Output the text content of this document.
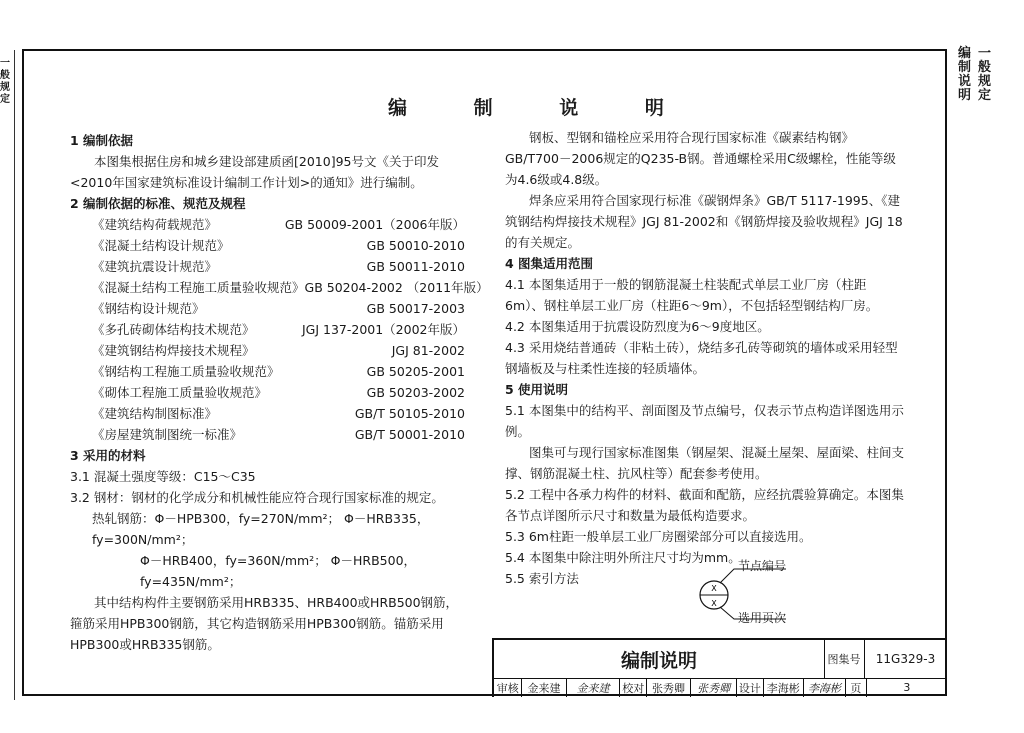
一般规定
编制说明
一般规定
编 制 说 明
1 编制依据
本图集根据住房和城乡建设部建质函[2010]95号文《关于印发<2010年国家建筑标准设计编制工作计划>的通知》进行编制。
2 编制依据的标准、规范及规程
《建筑结构荷载规范》	GB 50009-2001（2006年版）
《混凝土结构设计规范》	GB 50010-2010
《建筑抗震设计规范》	GB 50011-2010
《混凝土结构工程施工质量验收规范》 GB 50204-2002 （2011年版）
《钢结构设计规范》	GB 50017-2003
《多孔砖砌体结构技术规范》	JGJ 137-2001（2002年版）
《建筑钢结构焊接技术规程》	JGJ 81-2002
《钢结构工程施工质量验收规范》	GB 50205-2001
《砌体工程施工质量验收规范》	GB 50203-2002
《建筑结构制图标准》	GB/T 50105-2010
《房屋建筑制图统一标准》	GB/T 50001-2010
3 采用的材料
3.1 混凝土强度等级：C15～C35
3.2 钢材：钢材的化学成分和机械性能应符合现行国家标准的规定。
热轧钢筋：Φ－HPB300，fy=270N/mm²； Φ－HRB335，fy=300N/mm²；
Φ－HRB400，fy=360N/mm²； Φ－HRB500，fy=435N/mm²；
其中结构构件主要钢筋采用HRB335、HRB400或HRB500钢筋，箍筋采用HPB300钢筋，其它构造钢筋采用HPB300钢筋。锚筋采用HPB300或HRB335钢筋。
钢板、型钢和锚栓应采用符合现行国家标准《碳素结构钢》GB/T700－2006规定的Q235-B钢。普通螺栓采用C级螺栓，性能等级为4.6级或4.8级。
焊条应采用符合国家现行标准《碳钢焊条》GB/T 5117-1995、《建筑钢结构焊接技术规程》JGJ 81-2002和《钢筋焊接及验收规程》JGJ 18的有关规定。
4 图集适用范围
4.1 本图集适用于一般的钢筋混凝土柱装配式单层工业厂房（柱距6m）、钢柱单层工业厂房（柱距6～9m），不包括轻型钢结构厂房。
4.2 本图集适用于抗震设防烈度为6～9度地区。
4.3 采用烧结普通砖（非粘土砖），烧结多孔砖等砌筑的墙体或采用轻型钢墙板及与柱柔性连接的轻质墙体。
5 使用说明
5.1 本图集中的结构平、剖面图及节点编号，仅表示节点构造详图选用示例。
图集可与现行国家标准图集（钢屋架、混凝土屋架、屋面梁、柱间支撑、钢筋混凝土柱、抗风柱等）配套参考使用。
5.2 工程中各承力构件的材料、截面和配筋，应经抗震验算确定。本图集各节点详图所示尺寸和数量为最低构造要求。
5.3 6m柱距一般单层工业厂房圈梁部分可以直接选用。
5.4 本图集中除注明外所注尺寸均为mm。
5.5 索引方法
X
X
节点编号
选用页次
编制说明	图集号	11G329-3
审核 金来建	金来建	校对 张秀卿	张秀卿 设计 李海彬 李海彬 页	3
